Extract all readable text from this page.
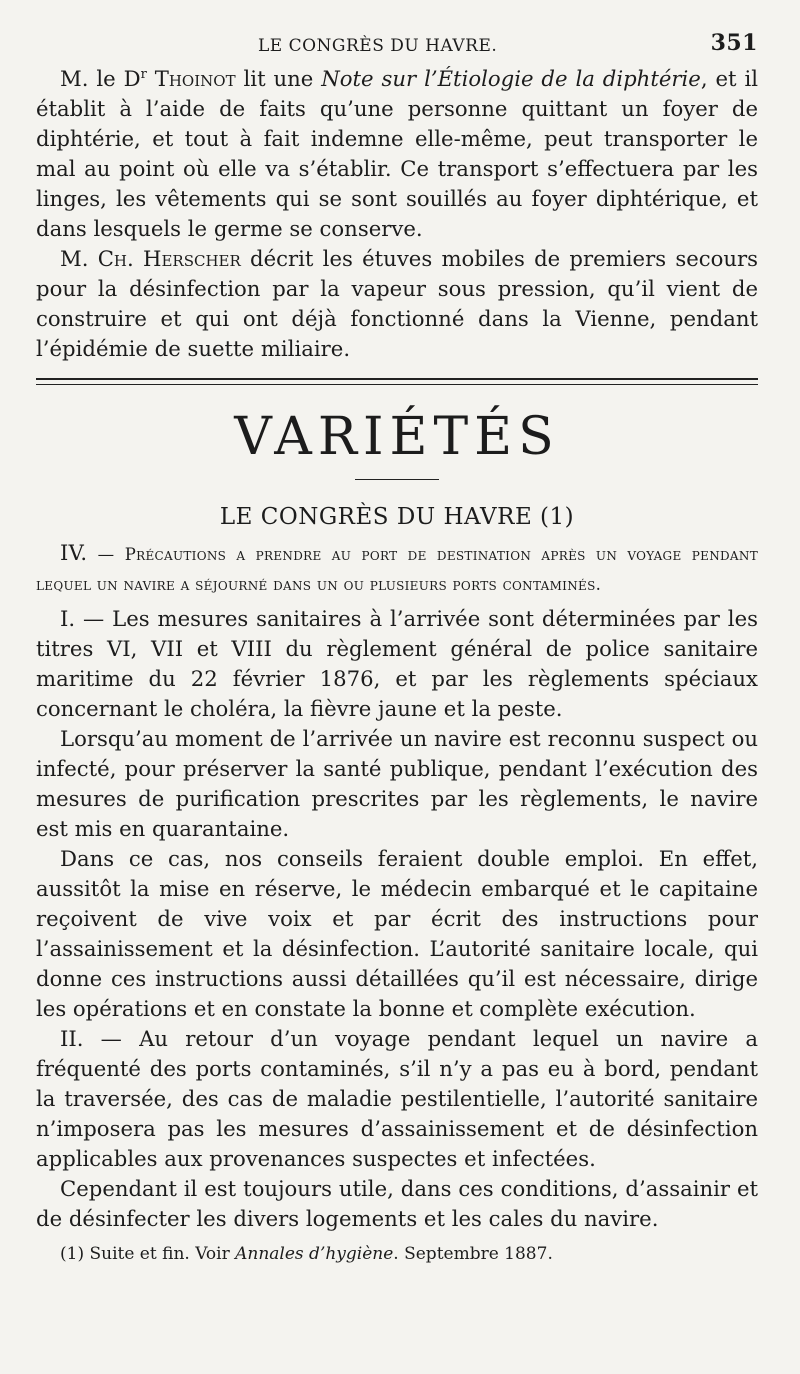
LE CONGRÈS DU HAVRE.	351

M. le $D^r$ Thoinot lit une Note sur l’Étiologie de la diphtérie, et il établit à l’aide de faits qu’une personne quittant un foyer de diphtérie, et tout à fait indemne elle-même, peut transporter le mal au point où elle va s’établir. Ce transport s’effectuera par les linges, les vêtements qui se sont souillés au foyer diphtérique, et dans lesquels le germe se conserve.

M. Ch. Herscher décrit les étuves mobiles de premiers secours pour la désinfection par la vapeur sous pression, qu’il vient de construire et qui ont déjà fonctionné dans la Vienne, pendant l’épidémie de suette miliaire.

VARIÉTÉS
LE CONGRÈS DU HAVRE (1)

IV. — Précautions a prendre au port de destination après un voyage pendant lequel un navire a séjourné dans un ou plusieurs ports contaminés.

I. — Les mesures sanitaires à l’arrivée sont déterminées par les titres VI, VII et VIII du règlement général de police sanitaire maritime du 22 février 1876, et par les règlements spéciaux concernant le choléra, la fièvre jaune et la peste.

Lorsqu’au moment de l’arrivée un navire est reconnu suspect ou infecté, pour préserver la santé publique, pendant l’exécution des mesures de purification prescrites par les règlements, le navire est mis en quarantaine.

Dans ce cas, nos conseils feraient double emploi. En effet, aussitôt la mise en réserve, le médecin embarqué et le capitaine reçoivent de vive voix et par écrit des instructions pour l’assainissement et la désinfection. L’autorité sanitaire locale, qui donne ces instructions aussi détaillées qu’il est nécessaire, dirige les opérations et en constate la bonne et complète exécution.

II. — Au retour d’un voyage pendant lequel un navire a fréquenté des ports contaminés, s’il n’y a pas eu à bord, pendant la traversée, des cas de maladie pestilentielle, l’autorité sanitaire n’imposera pas les mesures d’assainissement et de désinfection applicables aux provenances suspectes et infectées.

Cependant il est toujours utile, dans ces conditions, d’assainir et de désinfecter les divers logements et les cales du navire.

(1) Suite et fin. Voir Annales d’hygiène. Septembre 1887.
